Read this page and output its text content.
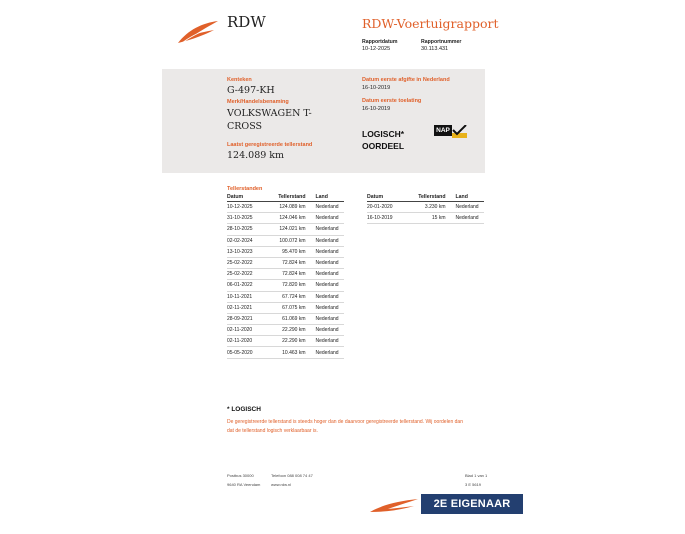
RDW	RDW-Voertuigrapport
Rapportdatum
10-12-2025
Rapportnummer
30.113.431
Kenteken
G-497-KH
Merk/Handelsbenaming
VOLKSWAGEN T-
CROSS
Laatst geregistreerde tellerstand
124.089 km
Datum eerste afgifte in Nederland
16-10-2019
Datum eerste toelating
16-10-2019
LOGISCH*
OORDEEL
NAP
Tellerstanden
Datum	Tellerstand	Land
10-12-2025	124.089 km	Nederland
31-10-2025	124.046 km	Nederland
28-10-2025	124.021 km	Nederland
02-02-2024	100.072 km	Nederland
13-10-2023	95.470 km	Nederland
25-02-2022	72.824 km	Nederland
25-02-2022	72.824 km	Nederland
06-01-2022	72.820 km	Nederland
10-11-2021	67.724 km	Nederland
02-11-2021	67.075 km	Nederland
28-09-2021	61.069 km	Nederland
02-11-2020	22.290 km	Nederland
02-11-2020	22.290 km	Nederland
05-05-2020	10.463 km	Nederland
Datum	Tellerstand	Land
20-01-2020	3.230 km	Nederland
16-10-2019	15 km	Nederland
* LOGISCH
De geregistreerde tellerstand is steeds hoger dan de daarvoor geregistreerde tellerstand. Wij oordelen dan
dat de tellerstand logisch verklaarbaar is.
Postbus 30000
9640 RA Veendam
Telefoon 088 008 74 47
www.rdw.nl
Blad 1 van 1
3 E 5619
2E EIGENAAR ORG. NL
